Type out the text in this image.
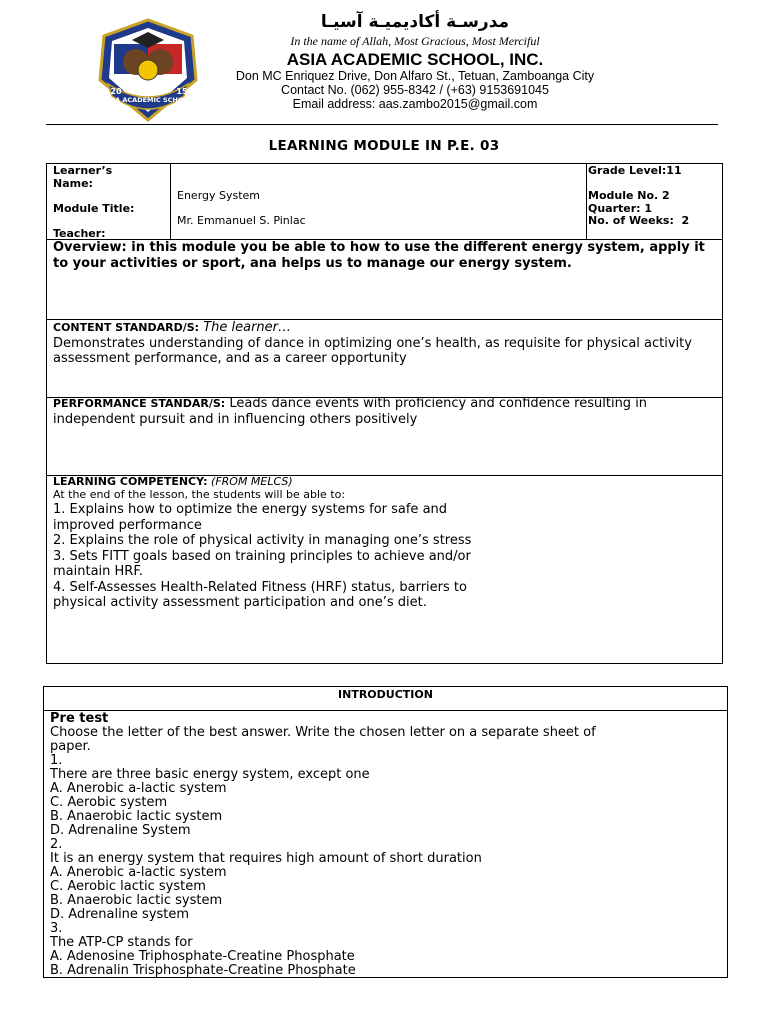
ASIA ACADEMIC SCHOOL
20	15
مدرسـة أكاديميـة آسيـا
In the name of Allah, Most Gracious, Most Merciful
ASIA ACADEMIC SCHOOL, INC.
Don MC Enriquez Drive, Don Alfaro St., Tetuan, Zamboanga City
Contact No. (062) 955-8342 / (+63) 9153691045
Email address: aas.zambo2015@gmail.com
LEARNING MODULE IN P.E. 03
Learner’s Name:
Module Title:
Teacher:
Energy System
Mr. Emmanuel S. Pinlac
Grade Level:11
Module No. 2
Quarter: 1
No. of Weeks:  2
Overview: in this module you be able to how to use the different energy system, apply it to your activities or sport, ana helps us to manage our energy system.
CONTENT STANDARD/S: The learner…
Demonstrates understanding of dance in optimizing one’s health, as requisite for physical activity assessment performance, and as a career opportunity
PERFORMANCE STANDAR/S: Leads dance events with proficiency and confidence resulting in independent pursuit and in influencing others positively
LEARNING COMPETENCY: (FROM MELCS)
At the end of the lesson, the students will be able to:
1. Explains how to optimize the energy systems for safe and improved performance
2. Explains the role of physical activity in managing one’s stress
3. Sets FITT goals based on training principles to achieve and/or maintain HRF.
4. Self-Assesses Health-Related Fitness (HRF) status, barriers to physical activity assessment participation and one’s diet.
INTRODUCTION
Pre test
Choose the letter of the best answer. Write the chosen letter on a separate sheet of paper.
1.
There are three basic energy system, except one
A. Anerobic a-lactic system
C. Aerobic system
B. Anaerobic lactic system
D. Adrenaline System
2.
It is an energy system that requires high amount of short duration
A. Anerobic a-lactic system
C. Aerobic lactic system
B. Anaerobic lactic system
D. Adrenaline system
3.
The ATP-CP stands for
A. Adenosine Triphosphate-Creatine Phosphate
B. Adrenalin Trisphosphate-Creatine Phosphate
